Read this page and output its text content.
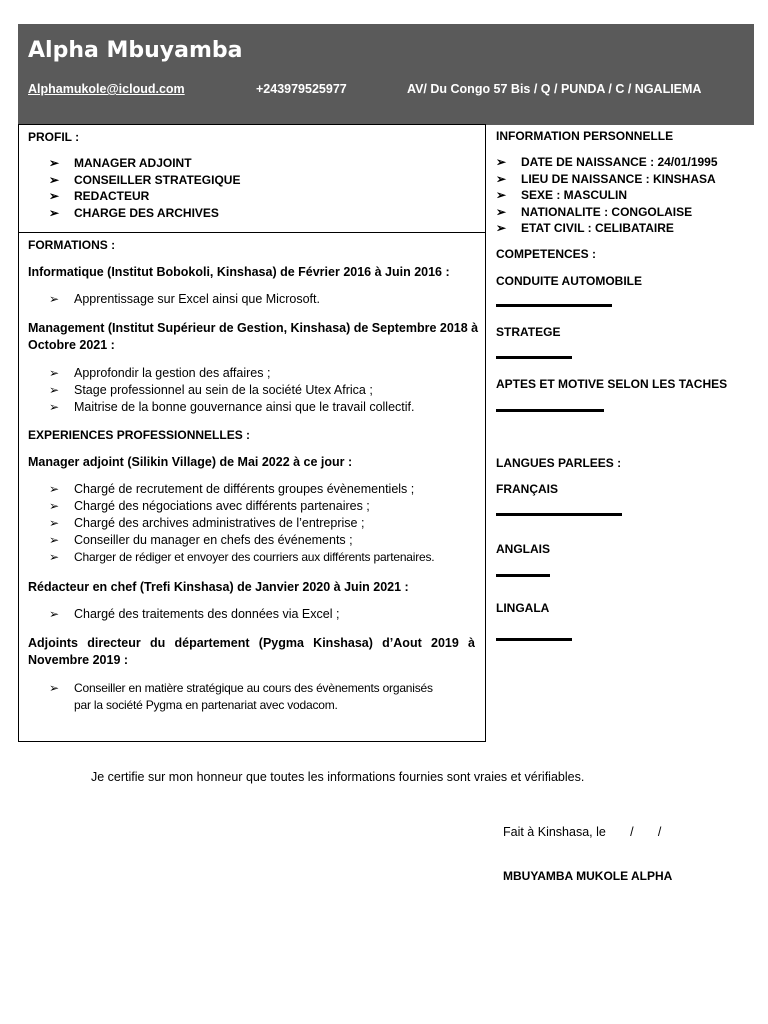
Alpha Mbuyamba
Alphamukole@icloud.com	+243979525977	AV/ Du Congo 57 Bis / Q / PUNDA / C / NGALIEMA
PROFIL :
➢ MANAGER ADJOINT
➢ CONSEILLER STRATEGIQUE
➢ REDACTEUR
➢ CHARGE DES ARCHIVES
FORMATIONS :
Informatique (Institut Bobokoli, Kinshasa) de Février 2016 à Juin 2016 :
➢ Apprentissage sur Excel ainsi que Microsoft.
Management (Institut Supérieur de Gestion, Kinshasa) de Septembre 2018 à
Octobre 2021 :
➢ Approfondir la gestion des affaires ;
➢ Stage professionnel au sein de la société Utex Africa ;
➢ Maitrise de la bonne gouvernance ainsi que le travail collectif.
EXPERIENCES PROFESSIONNELLES :
Manager adjoint (Silikin Village) de Mai 2022 à ce jour :
➢ Chargé de recrutement de différents groupes évènementiels ;
➢ Chargé des négociations avec différents partenaires ;
➢ Chargé des archives administratives de l’entreprise ;
➢ Conseiller du manager en chefs des événements ;
➢ Charger de rédiger et envoyer des courriers aux différents partenaires.
Rédacteur en chef (Trefi Kinshasa) de Janvier 2020 à Juin 2021 :
➢ Chargé des traitements des données via Excel ;
Adjoints directeur du département (Pygma Kinshasa) d’Aout 2019 à
Novembre 2019 :
➢ Conseiller en matière stratégique au cours des évènements organisés
par la société Pygma en partenariat avec vodacom.
INFORMATION PERSONNELLE
➢ DATE DE NAISSANCE : 24/01/1995
➢ LIEU DE NAISSANCE : KINSHASA
➢ SEXE : MASCULIN
➢ NATIONALITE : CONGOLAISE
➢ ETAT CIVIL : CELIBATAIRE
COMPETENCES :
CONDUITE AUTOMOBILE
STRATEGE
APTES ET MOTIVE SELON LES TACHES
LANGUES PARLEES :
FRANÇAIS
ANGLAIS
LINGALA
Je certifie sur mon honneur que toutes les informations fournies sont vraies et vérifiables.
Fait à Kinshasa, le       /       /
MBUYAMBA MUKOLE ALPHA
